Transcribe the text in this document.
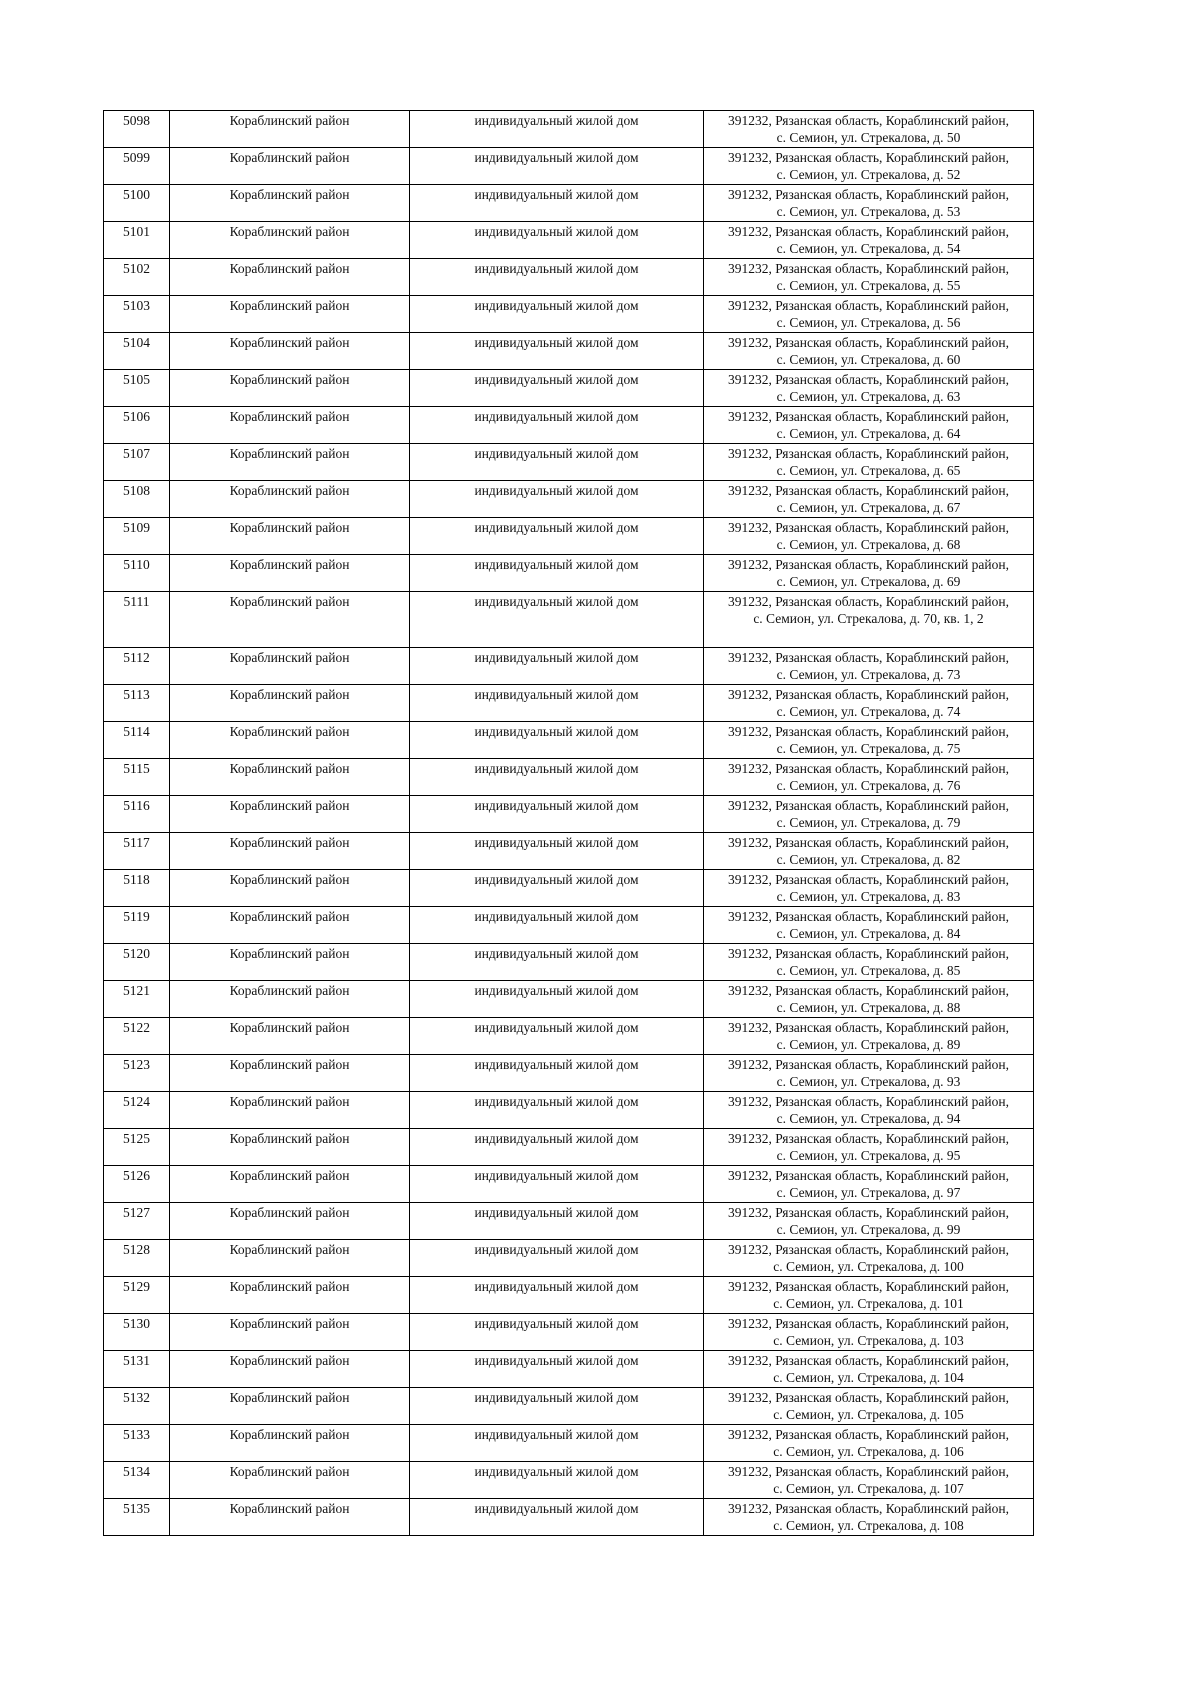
5098	Кораблинский район	индивидуальный жилой дом	391232, Рязанская область, Кораблинский район,
с. Семион, ул. Стрекалова, д. 50

5099	Кораблинский район	индивидуальный жилой дом	391232, Рязанская область, Кораблинский район,
с. Семион, ул. Стрекалова, д. 52

5100	Кораблинский район	индивидуальный жилой дом	391232, Рязанская область, Кораблинский район,
с. Семион, ул. Стрекалова, д. 53

5101	Кораблинский район	индивидуальный жилой дом	391232, Рязанская область, Кораблинский район,
с. Семион, ул. Стрекалова, д. 54

5102	Кораблинский район	индивидуальный жилой дом	391232, Рязанская область, Кораблинский район,
с. Семион, ул. Стрекалова, д. 55

5103	Кораблинский район	индивидуальный жилой дом	391232, Рязанская область, Кораблинский район,
с. Семион, ул. Стрекалова, д. 56

5104	Кораблинский район	индивидуальный жилой дом	391232, Рязанская область, Кораблинский район,
с. Семион, ул. Стрекалова, д. 60

5105	Кораблинский район	индивидуальный жилой дом	391232, Рязанская область, Кораблинский район,
с. Семион, ул. Стрекалова, д. 63

5106	Кораблинский район	индивидуальный жилой дом	391232, Рязанская область, Кораблинский район,
с. Семион, ул. Стрекалова, д. 64

5107	Кораблинский район	индивидуальный жилой дом	391232, Рязанская область, Кораблинский район,
с. Семион, ул. Стрекалова, д. 65

5108	Кораблинский район	индивидуальный жилой дом	391232, Рязанская область, Кораблинский район,
с. Семион, ул. Стрекалова, д. 67

5109	Кораблинский район	индивидуальный жилой дом	391232, Рязанская область, Кораблинский район,
с. Семион, ул. Стрекалова, д. 68

5110	Кораблинский район	индивидуальный жилой дом	391232, Рязанская область, Кораблинский район,
с. Семион, ул. Стрекалова, д. 69

5111	Кораблинский район	индивидуальный жилой дом	391232, Рязанская область, Кораблинский район,
с. Семион, ул. Стрекалова, д. 70, кв. 1, 2

5112	Кораблинский район	индивидуальный жилой дом	391232, Рязанская область, Кораблинский район,
с. Семион, ул. Стрекалова, д. 73

5113	Кораблинский район	индивидуальный жилой дом	391232, Рязанская область, Кораблинский район,
с. Семион, ул. Стрекалова, д. 74

5114	Кораблинский район	индивидуальный жилой дом	391232, Рязанская область, Кораблинский район,
с. Семион, ул. Стрекалова, д. 75

5115	Кораблинский район	индивидуальный жилой дом	391232, Рязанская область, Кораблинский район,
с. Семион, ул. Стрекалова, д. 76

5116	Кораблинский район	индивидуальный жилой дом	391232, Рязанская область, Кораблинский район,
с. Семион, ул. Стрекалова, д. 79

5117	Кораблинский район	индивидуальный жилой дом	391232, Рязанская область, Кораблинский район,
с. Семион, ул. Стрекалова, д. 82

5118	Кораблинский район	индивидуальный жилой дом	391232, Рязанская область, Кораблинский район,
с. Семион, ул. Стрекалова, д. 83

5119	Кораблинский район	индивидуальный жилой дом	391232, Рязанская область, Кораблинский район,
с. Семион, ул. Стрекалова, д. 84

5120	Кораблинский район	индивидуальный жилой дом	391232, Рязанская область, Кораблинский район,
с. Семион, ул. Стрекалова, д. 85

5121	Кораблинский район	индивидуальный жилой дом	391232, Рязанская область, Кораблинский район,
с. Семион, ул. Стрекалова, д. 88

5122	Кораблинский район	индивидуальный жилой дом	391232, Рязанская область, Кораблинский район,
с. Семион, ул. Стрекалова, д. 89

5123	Кораблинский район	индивидуальный жилой дом	391232, Рязанская область, Кораблинский район,
с. Семион, ул. Стрекалова, д. 93

5124	Кораблинский район	индивидуальный жилой дом	391232, Рязанская область, Кораблинский район,
с. Семион, ул. Стрекалова, д. 94

5125	Кораблинский район	индивидуальный жилой дом	391232, Рязанская область, Кораблинский район,
с. Семион, ул. Стрекалова, д. 95

5126	Кораблинский район	индивидуальный жилой дом	391232, Рязанская область, Кораблинский район,
с. Семион, ул. Стрекалова, д. 97

5127	Кораблинский район	индивидуальный жилой дом	391232, Рязанская область, Кораблинский район,
с. Семион, ул. Стрекалова, д. 99

5128	Кораблинский район	индивидуальный жилой дом	391232, Рязанская область, Кораблинский район,
с. Семион, ул. Стрекалова, д. 100

5129	Кораблинский район	индивидуальный жилой дом	391232, Рязанская область, Кораблинский район,
с. Семион, ул. Стрекалова, д. 101

5130	Кораблинский район	индивидуальный жилой дом	391232, Рязанская область, Кораблинский район,
с. Семион, ул. Стрекалова, д. 103

5131	Кораблинский район	индивидуальный жилой дом	391232, Рязанская область, Кораблинский район,
с. Семион, ул. Стрекалова, д. 104

5132	Кораблинский район	индивидуальный жилой дом	391232, Рязанская область, Кораблинский район,
с. Семион, ул. Стрекалова, д. 105

5133	Кораблинский район	индивидуальный жилой дом	391232, Рязанская область, Кораблинский район,
с. Семион, ул. Стрекалова, д. 106

5134	Кораблинский район	индивидуальный жилой дом	391232, Рязанская область, Кораблинский район,
с. Семион, ул. Стрекалова, д. 107

5135	Кораблинский район	индивидуальный жилой дом	391232, Рязанская область, Кораблинский район,
с. Семион, ул. Стрекалова, д. 108
